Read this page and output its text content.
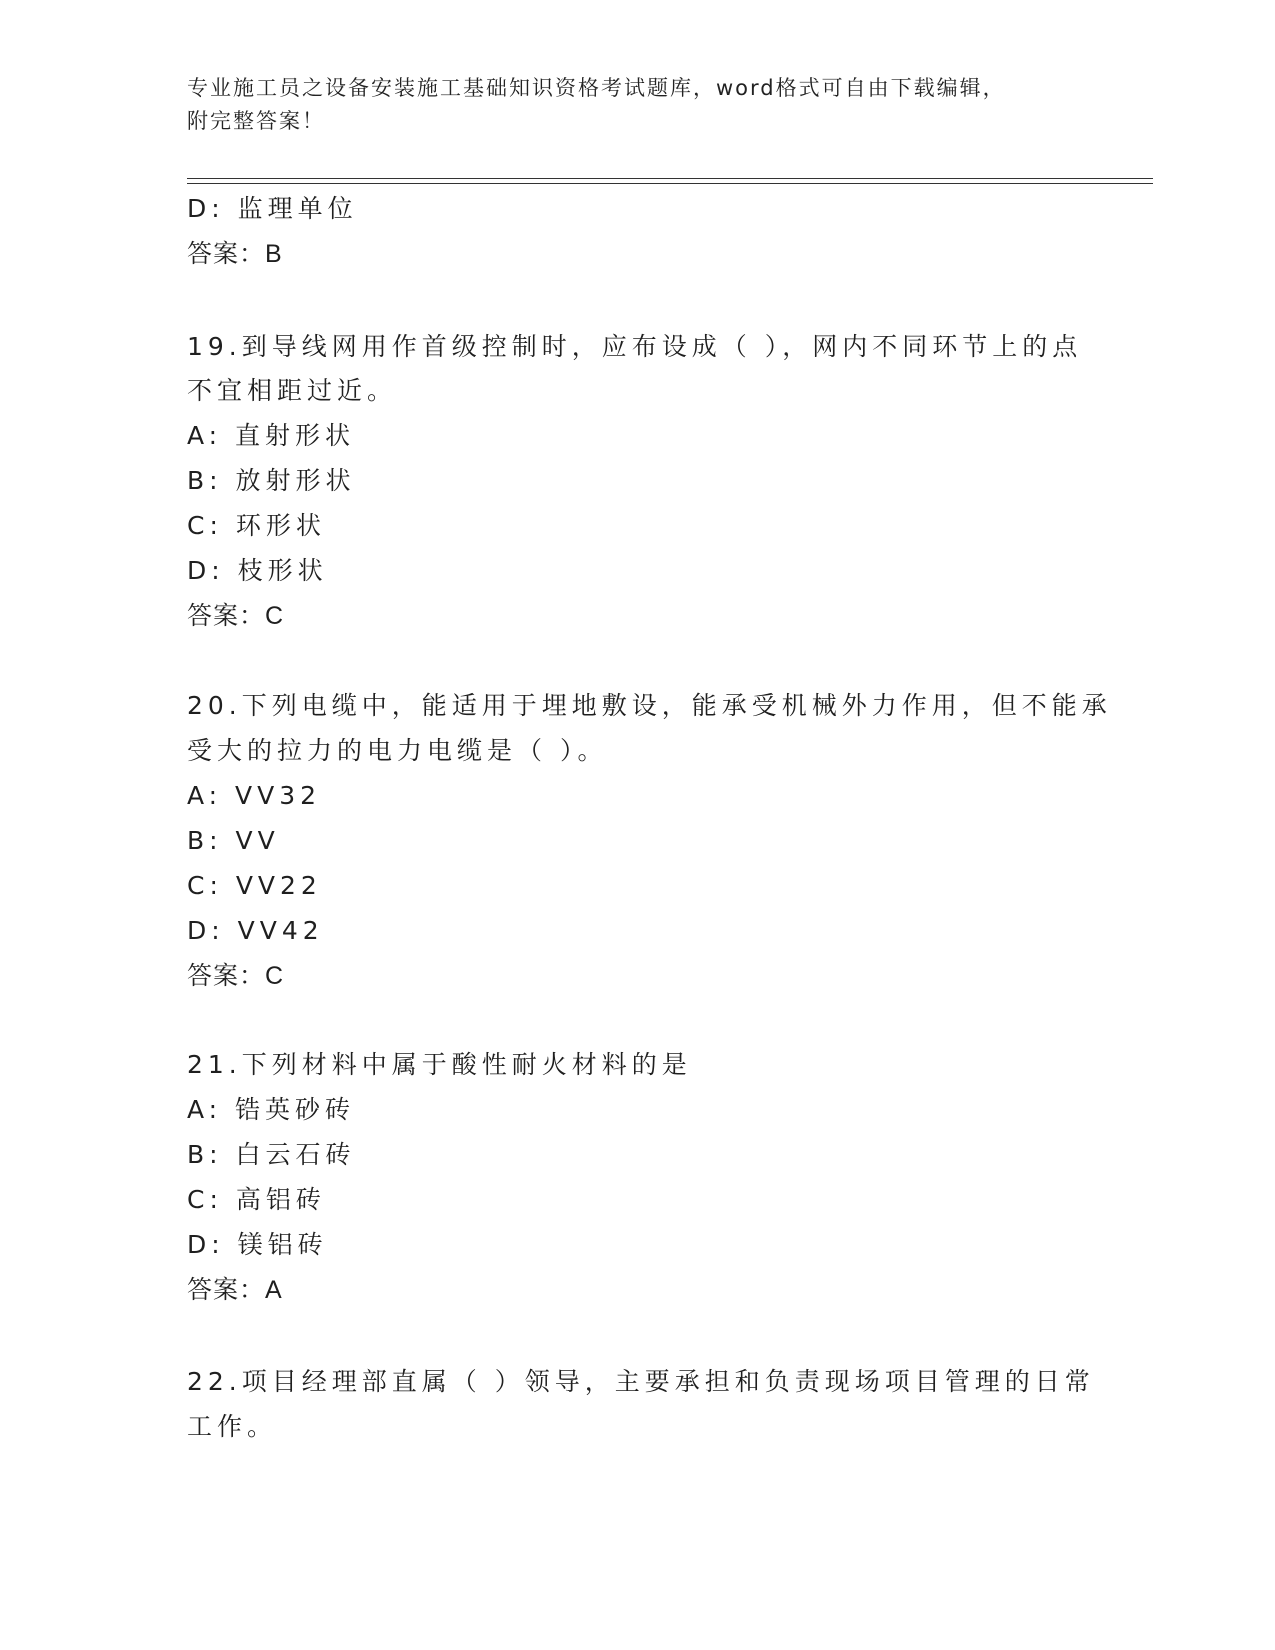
专业施工员之设备安装施工基础知识资格考试题库，word格式可自由下载编辑，
附完整答案！
D: 监理单位
答案：B
19.到导线网用作首级控制时，应布设成（ ），网内不同环节上的点
不宜相距过近。
A: 直射形状
B: 放射形状
C: 环形状
D: 枝形状
答案：C
20.下列电缆中，能适用于埋地敷设，能承受机械外力作用，但不能承
受大的拉力的电力电缆是（ ）。
A: VV32
B: VV
C: VV22
D: VV42
答案：C
21.下列材料中属于酸性耐火材料的是
A: 锆英砂砖
B: 白云石砖
C: 高铝砖
D: 镁铝砖
答案：A
22.项目经理部直属（ ）领导，主要承担和负责现场项目管理的日常
工作。
